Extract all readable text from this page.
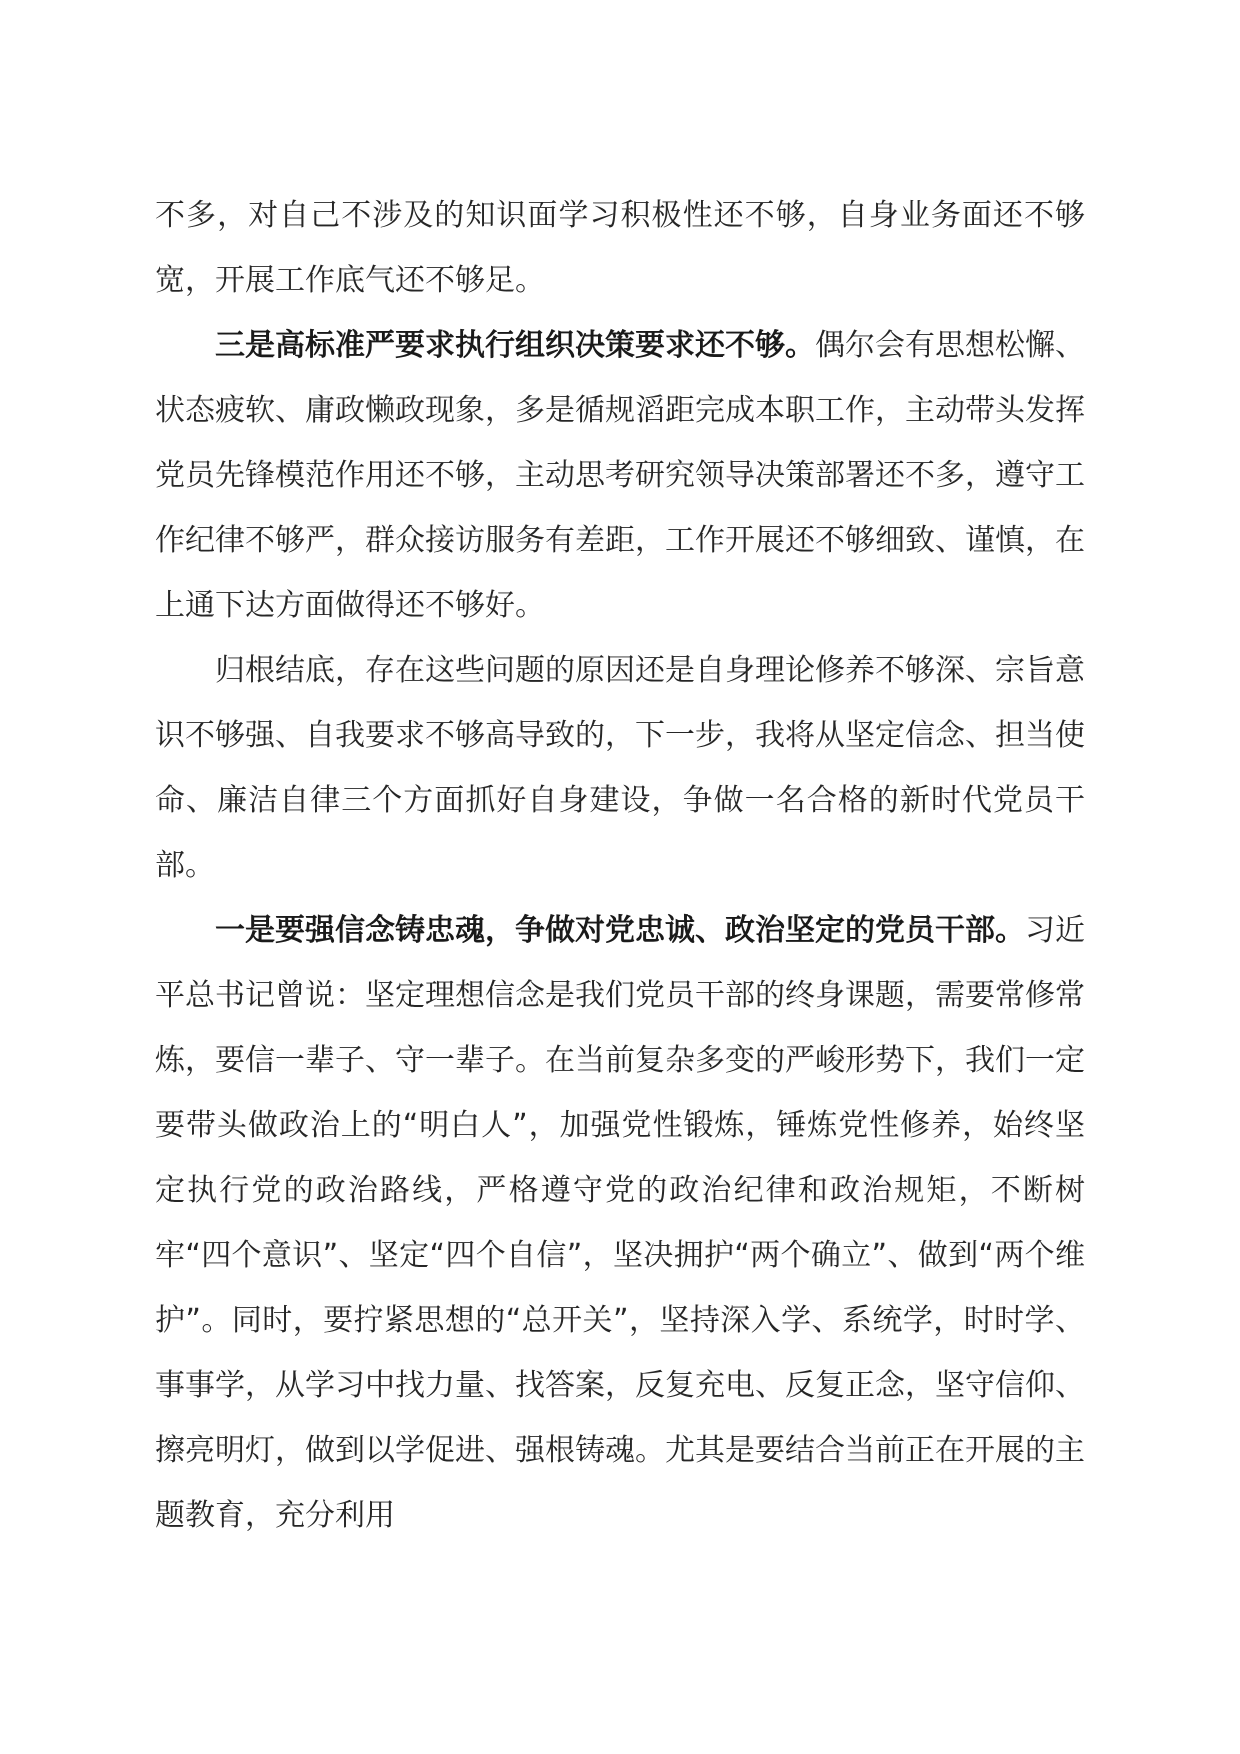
不多，对自己不涉及的知识面学习积极性还不够，自身业务面还不够宽，开展工作底气还不够足。

三是高标准严要求执行组织决策要求还不够。偶尔会有思想松懈、状态疲软、庸政懒政现象，多是循规滔距完成本职工作，主动带头发挥党员先锋模范作用还不够，主动思考研究领导决策部署还不多，遵守工作纪律不够严，群众接访服务有差距，工作开展还不够细致、谨慎，在上通下达方面做得还不够好。

归根结底，存在这些问题的原因还是自身理论修养不够深、宗旨意识不够强、自我要求不够高导致的，下一步，我将从坚定信念、担当使命、廉洁自律三个方面抓好自身建设，争做一名合格的新时代党员干部。

一是要强信念铸忠魂，争做对党忠诚、政治坚定的党员干部。习近平总书记曾说：坚定理想信念是我们党员干部的终身课题，需要常修常炼，要信一辈子、守一辈子。在当前复杂多变的严峻形势下，我们一定要带头做政治上的“明白人”，加强党性锻炼，锤炼党性修养，始终坚定执行党的政治路线，严格遵守党的政治纪律和政治规矩，不断树牢“四个意识”、坚定“四个自信”，坚决拥护“两个确立”、做到“两个维护”。同时，要拧紧思想的“总开关”，坚持深入学、系统学，时时学、事事学，从学习中找力量、找答案，反复充电、反复正念，坚守信仰、擦亮明灯，做到以学促进、强根铸魂。尤其是要结合当前正在开展的主题教育，充分利用
